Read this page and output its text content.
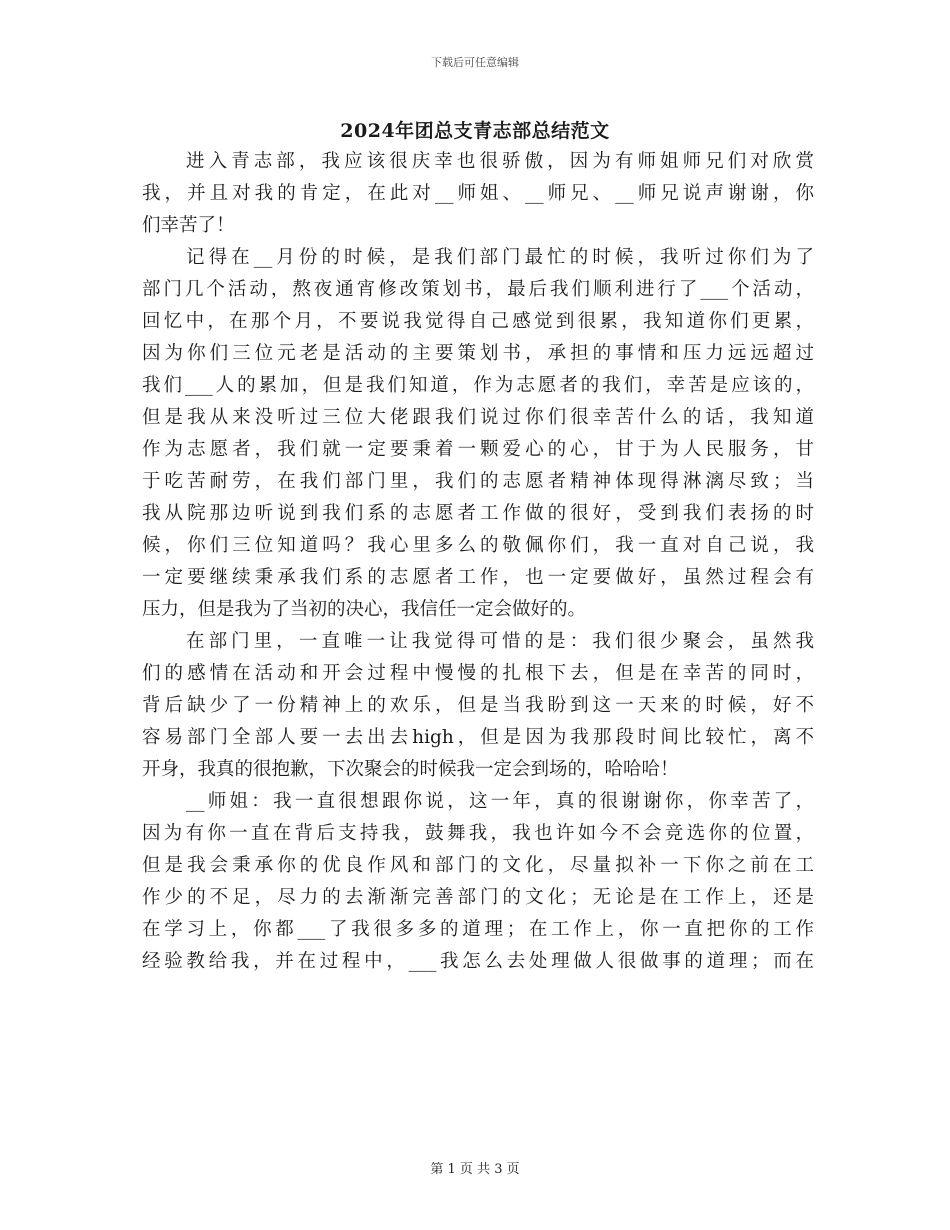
下载后可任意编辑
2024年团总支青志部总结范文
进入青志部，我应该很庆幸也很骄傲，因为有师姐师兄们对欣赏
我，并且对我的肯定，在此对__师姐、__师兄、__师兄说声谢谢，你
们幸苦了！
记得在__月份的时候，是我们部门最忙的时候，我听过你们为了
部门几个活动，熬夜通宵修改策划书，最后我们顺利进行了___个活动，
回忆中，在那个月，不要说我觉得自己感觉到很累，我知道你们更累，
因为你们三位元老是活动的主要策划书，承担的事情和压力远远超过
我们___人的累加，但是我们知道，作为志愿者的我们，幸苦是应该的，
但是我从来没听过三位大佬跟我们说过你们很幸苦什么的话，我知道
作为志愿者，我们就一定要秉着一颗爱心的心，甘于为人民服务，甘
于吃苦耐劳，在我们部门里，我们的志愿者精神体现得淋漓尽致；当
我从院那边听说到我们系的志愿者工作做的很好，受到我们表扬的时
候，你们三位知道吗？我心里多么的敬佩你们，我一直对自己说，我
一定要继续秉承我们系的志愿者工作，也一定要做好，虽然过程会有
压力，但是我为了当初的决心，我信任一定会做好的。
在部门里，一直唯一让我觉得可惜的是：我们很少聚会，虽然我
们的感情在活动和开会过程中慢慢的扎根下去，但是在幸苦的同时，
背后缺少了一份精神上的欢乐，但是当我盼到这一天来的时候，好不
容易部门全部人要一去出去high，但是因为我那段时间比较忙，离不
开身，我真的很抱歉，下次聚会的时候我一定会到场的，哈哈哈！
__师姐：我一直很想跟你说，这一年，真的很谢谢你，你幸苦了，
因为有你一直在背后支持我，鼓舞我，我也许如今不会竞选你的位置，
但是我会秉承你的优良作风和部门的文化，尽量拟补一下你之前在工
作少的不足，尽力的去渐渐完善部门的文化；无论是在工作上，还是
在学习上，你都___了我很多多的道理；在工作上，你一直把你的工作
经验教给我，并在过程中，___我怎么去处理做人很做事的道理；而在
第 1 页 共 3 页
